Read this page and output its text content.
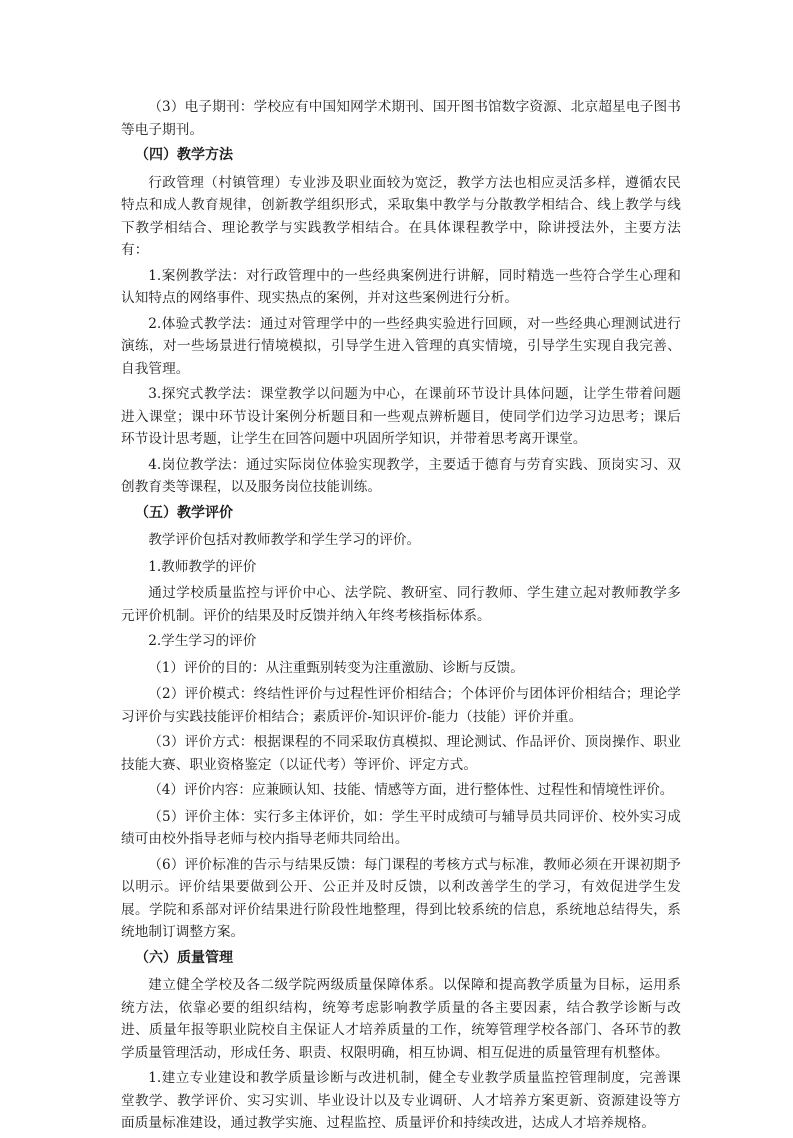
（3）电子期刊：学校应有中国知网学术期刊、国开图书馆数字资源、北京超星电子图书等电子期刊。

（四）教学方法

行政管理（村镇管理）专业涉及职业面较为宽泛，教学方法也相应灵活多样，遵循农民特点和成人教育规律，创新教学组织形式，采取集中教学与分散教学相结合、线上教学与线下教学相结合、理论教学与实践教学相结合。在具体课程教学中，除讲授法外，主要方法有：

1.案例教学法：对行政管理中的一些经典案例进行讲解，同时精选一些符合学生心理和认知特点的网络事件、现实热点的案例，并对这些案例进行分析。

2.体验式教学法：通过对管理学中的一些经典实验进行回顾，对一些经典心理测试进行演练，对一些场景进行情境模拟，引导学生进入管理的真实情境，引导学生实现自我完善、自我管理。

3.探究式教学法：课堂教学以问题为中心，在课前环节设计具体问题，让学生带着问题进入课堂；课中环节设计案例分析题目和一些观点辨析题目，使同学们边学习边思考；课后环节设计思考题，让学生在回答问题中巩固所学知识，并带着思考离开课堂。

4.岗位教学法：通过实际岗位体验实现教学，主要适于德育与劳育实践、顶岗实习、双创教育类等课程，以及服务岗位技能训练。

（五）教学评价

教学评价包括对教师教学和学生学习的评价。

1.教师教学的评价

通过学校质量监控与评价中心、法学院、教研室、同行教师、学生建立起对教师教学多元评价机制。评价的结果及时反馈并纳入年终考核指标体系。

2.学生学习的评价

（1）评价的目的：从注重甄别转变为注重激励、诊断与反馈。

（2）评价模式：终结性评价与过程性评价相结合；个体评价与团体评价相结合；理论学习评价与实践技能评价相结合；素质评价-知识评价-能力（技能）评价并重。

（3）评价方式：根据课程的不同采取仿真模拟、理论测试、作品评价、顶岗操作、职业技能大赛、职业资格鉴定（以证代考）等评价、评定方式。

（4）评价内容：应兼顾认知、技能、情感等方面，进行整体性、过程性和情境性评价。

（5）评价主体：实行多主体评价，如：学生平时成绩可与辅导员共同评价、校外实习成绩可由校外指导老师与校内指导老师共同给出。

（6）评价标准的告示与结果反馈：每门课程的考核方式与标准，教师必须在开课初期予以明示。评价结果要做到公开、公正并及时反馈，以利改善学生的学习，有效促进学生发展。学院和系部对评价结果进行阶段性地整理，得到比较系统的信息，系统地总结得失，系统地制订调整方案。

（六）质量管理

建立健全学校及各二级学院两级质量保障体系。以保障和提高教学质量为目标，运用系统方法，依靠必要的组织结构，统筹考虑影响教学质量的各主要因素，结合教学诊断与改进、质量年报等职业院校自主保证人才培养质量的工作，统筹管理学校各部门、各环节的教学质量管理活动，形成任务、职责、权限明确，相互协调、相互促进的质量管理有机整体。

1.建立专业建设和教学质量诊断与改进机制，健全专业教学质量监控管理制度，完善课堂教学、教学评价、实习实训、毕业设计以及专业调研、人才培养方案更新、资源建设等方面质量标准建设，通过教学实施、过程监控、质量评价和持续改进，达成人才培养规格。
